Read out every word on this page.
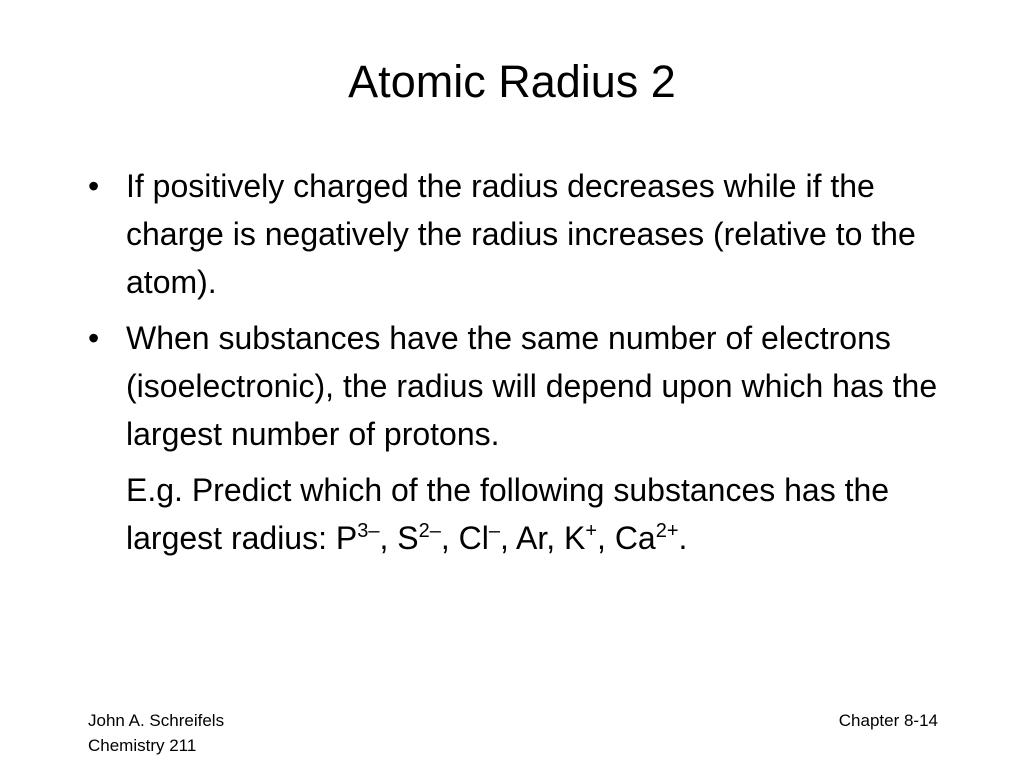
Atomic Radius 2
• If positively charged the radius decreases while if the charge is negatively the radius increases (relative to the atom).
• When substances have the same number of electrons (isoelectronic), the radius will depend upon which has the largest number of protons.

E.g. Predict which of the following substances has the largest radius: $P^{3-}$, $S^{2-}$, Cl–, Ar, K+, $Ca^{2+}$.

John A. Schreifels
Chemistry 211
Chapter 8-14
